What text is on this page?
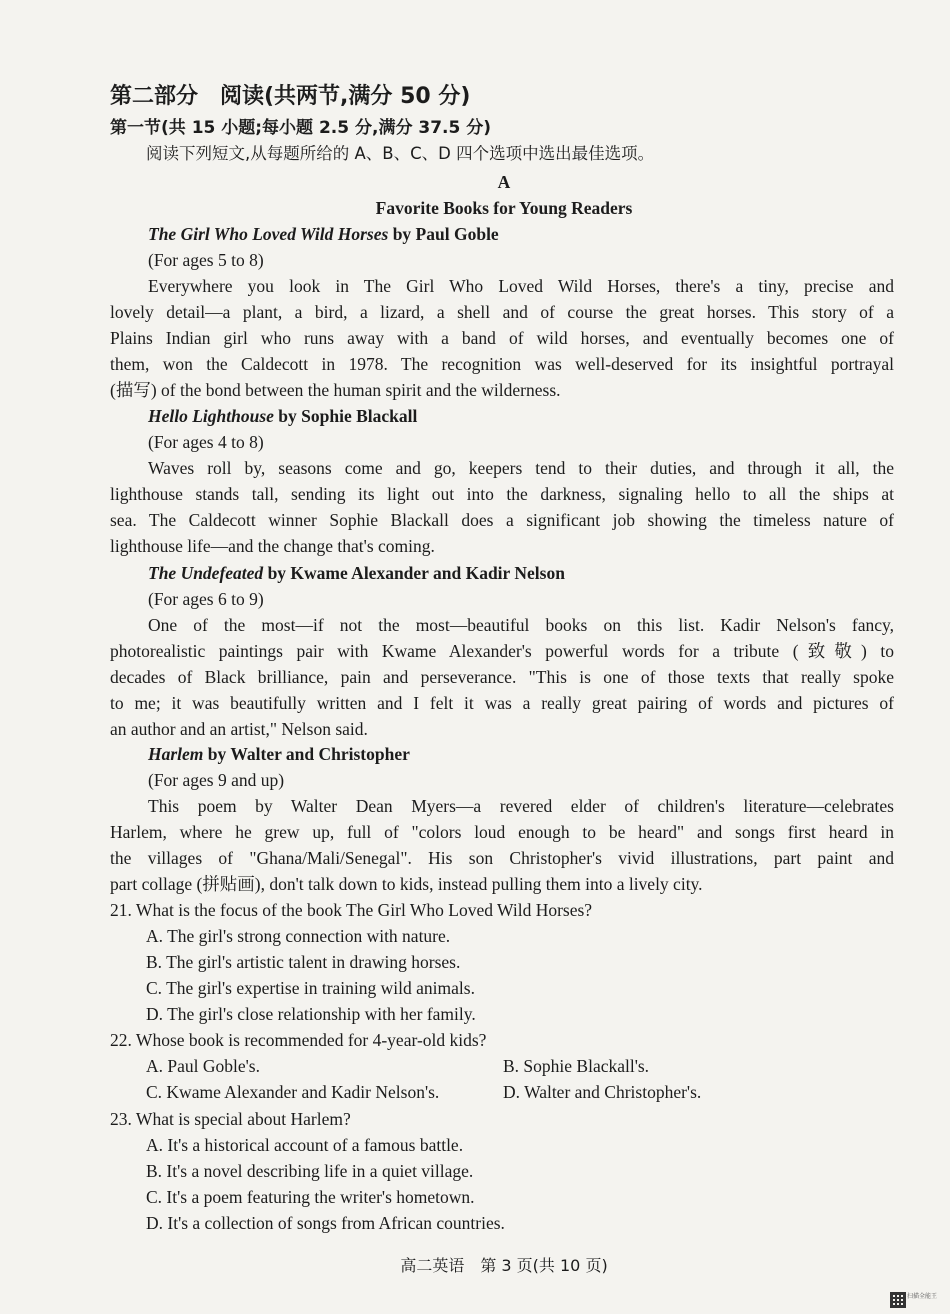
第二部分　阅读(共两节,满分 50 分)
第一节(共 15 小题;每小题 2.5 分,满分 37.5 分)
阅读下列短文,从每题所给的 A、B、C、D 四个选项中选出最佳选项。
A
Favorite Books for Young Readers
The Girl Who Loved Wild Horses by Paul Goble
(For ages 5 to 8)
Everywhere you look in The Girl Who Loved Wild Horses, there's a tiny, precise and
lovely detail—a plant, a bird, a lizard, a shell and of course the great horses. This story of a
Plains Indian girl who runs away with a band of wild horses, and eventually becomes one of
them, won the Caldecott in 1978. The recognition was well-deserved for its insightful portrayal
(描写) of the bond between the human spirit and the wilderness.
Hello Lighthouse by Sophie Blackall
(For ages 4 to 8)
Waves roll by, seasons come and go, keepers tend to their duties, and through it all, the
lighthouse stands tall, sending its light out into the darkness, signaling hello to all the ships at
sea. The Caldecott winner Sophie Blackall does a significant job showing the timeless nature of
lighthouse life—and the change that's coming.
The Undefeated by Kwame Alexander and Kadir Nelson
(For ages 6 to 9)
One of the most—if not the most—beautiful books on this list. Kadir Nelson's fancy,
photorealistic paintings pair with Kwame Alexander's powerful words for a tribute (致敬) to
decades of Black brilliance, pain and perseverance. "This is one of those texts that really spoke
to me; it was beautifully written and I felt it was a really great pairing of words and pictures of
an author and an artist," Nelson said.
Harlem by Walter and Christopher
(For ages 9 and up)
This poem by Walter Dean Myers—a revered elder of children's literature—celebrates
Harlem, where he grew up, full of "colors loud enough to be heard" and songs first heard in
the villages of "Ghana/Mali/Senegal". His son Christopher's vivid illustrations, part paint and
part collage (拼贴画), don't talk down to kids, instead pulling them into a lively city.
21. What is the focus of the book The Girl Who Loved Wild Horses?
A. The girl's strong connection with nature.
B. The girl's artistic talent in drawing horses.
C. The girl's expertise in training wild animals.
D. The girl's close relationship with her family.
22. Whose book is recommended for 4-year-old kids?
A. Paul Goble's.	B. Sophie Blackall's.
C. Kwame Alexander and Kadir Nelson's.	D. Walter and Christopher's.
23. What is special about Harlem?
A. It's a historical account of a famous battle.
B. It's a novel describing life in a quiet village.
C. It's a poem featuring the writer's hometown.
D. It's a collection of songs from African countries.
高二英语　第 3 页(共 10 页)
扫描全能王
